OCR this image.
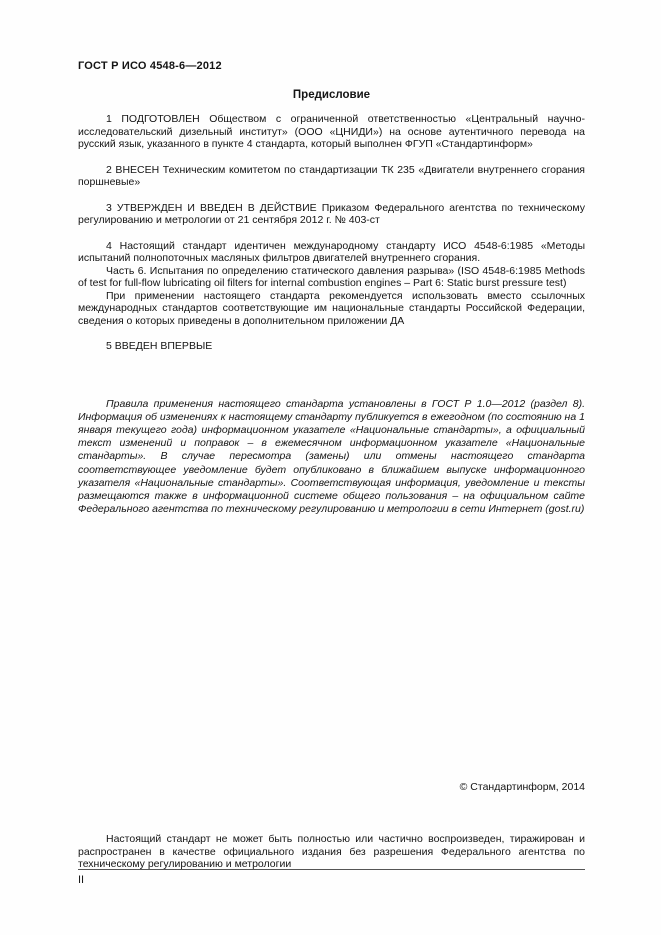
ГОСТ Р ИСО 4548-6—2012
Предисловие

1 ПОДГОТОВЛЕН Обществом с ограниченной ответственностью «Центральный научно-исследовательский дизельный институт» (ООО «ЦНИДИ») на основе аутентичного перевода на русский язык, указанного в пункте 4 стандарта, который выполнен ФГУП «Стандартинформ»

2 ВНЕСЕН Техническим комитетом по стандартизации ТК 235 «Двигатели внутреннего сгорания поршневые»

3 УТВЕРЖДЕН И ВВЕДЕН В ДЕЙСТВИЕ Приказом Федерального агентства по техническому регулированию и метрологии от 21 сентября 2012 г. № 403-ст

4 Настоящий стандарт идентичен международному стандарту ИСО 4548-6:1985 «Методы испытаний полнопоточных масляных фильтров двигателей внутреннего сгорания.

Часть 6. Испытания по определению статического давления разрыва» (ISO 4548-6:1985 Methods of test for full-flow lubricating oil filters for internal combustion engines – Part 6: Static burst pressure test)

При применении настоящего стандарта рекомендуется использовать вместо ссылочных международных стандартов соответствующие им национальные стандарты Российской Федерации, сведения о которых приведены в дополнительном приложении ДА

5 ВВЕДЕН ВПЕРВЫЕ

Правила применения настоящего стандарта установлены в ГОСТ Р 1.0—2012 (раздел 8). Информация об изменениях к настоящему стандарту публикуется в ежегодном (по состоянию на 1 января текущего года) информационном указателе «Национальные стандарты», а официальный текст изменений и поправок – в ежемесячном информационном указателе «Национальные стандарты». В случае пересмотра (замены) или отмены настоящего стандарта соответствующее уведомление будет опубликовано в ближайшем выпуске информационного указателя «Национальные стандарты». Соответствующая информация, уведомление и тексты размещаются также в информационной системе общего пользования – на официальном сайте Федерального агентства по техническому регулированию и метрологии в сети Интернет (gost.ru)

© Стандартинформ, 2014

Настоящий стандарт не может быть полностью или частично воспроизведен, тиражирован и распространен в качестве официального издания без разрешения Федерального агентства по техническому регулированию и метрологии

II
